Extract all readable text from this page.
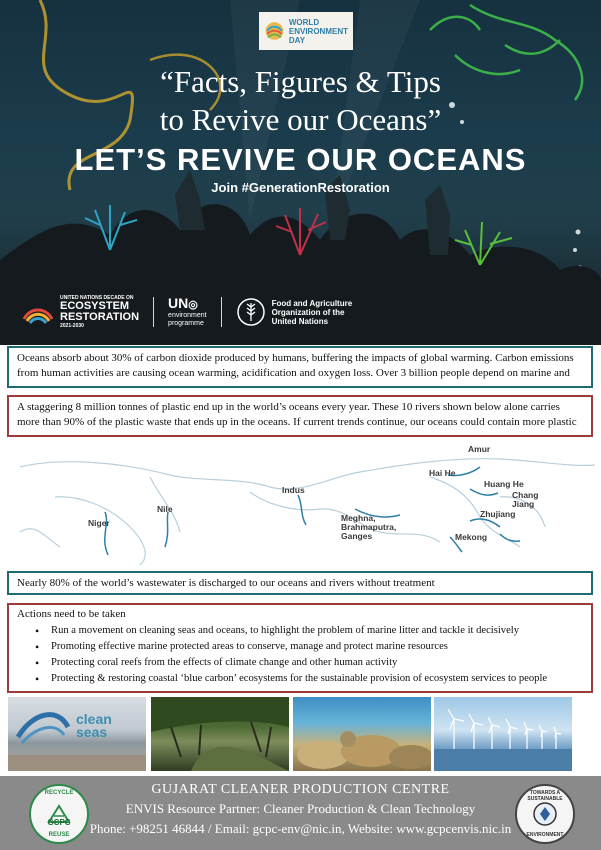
WORLD
ENVIRONMENT
DAY
“Facts, Figures & Tips
to Revive our Oceans”
LET’S REVIVE OUR OCEANS
Join #GenerationRestoration
UNITED NATIONS DECADE ON
ECOSYSTEM
RESTORATION
2021-2030
UN◎
environment
programme
Food and Agriculture
Organization of the
United Nations
Oceans absorb about 30% of carbon dioxide produced by humans, buffering the impacts of global warming. Carbon emissions from human activities are causing ocean warming, acidification and oxygen loss. Over 3 billion people depend on marine and
A staggering 8 million tonnes of plastic end up in the world’s oceans every year. These 10 rivers shown below alone carries more than 90% of the plastic waste that ends up in the oceans. If current trends continue, our oceans could contain more plastic
Amur
Hai He
Huang He
Chang
Jiang
Indus
Nile
Niger	Meghna,
Brahmaputra,
Ganges
Zhujiang
Mekong
Nearly 80% of the world’s wastewater is discharged to our oceans and rivers without treatment
Actions need to be taken
• Run a movement on cleaning seas and oceans, to highlight the problem of marine litter and tackle it decisively
• Promoting effective marine protected areas to conserve, manage and protect marine resources
• Protecting coral reefs from the effects of climate change and other human activity
• Protecting & restoring coastal ‘blue carbon’ ecosystems for the sustainable provision of ecosystem services to people
clean
seas
GUJARAT CLEANER PRODUCTION CENTRE
ENVIS Resource Partner: Cleaner Production & Clean Technology
Phone: +98251 46844 / Email: gcpc-env@nic.in, Website: www.gcpcenvis.nic.in
RECYCLE
GCPC
REUSE
TOWARDS A SUSTAINABLE
ENVIRONMENT
